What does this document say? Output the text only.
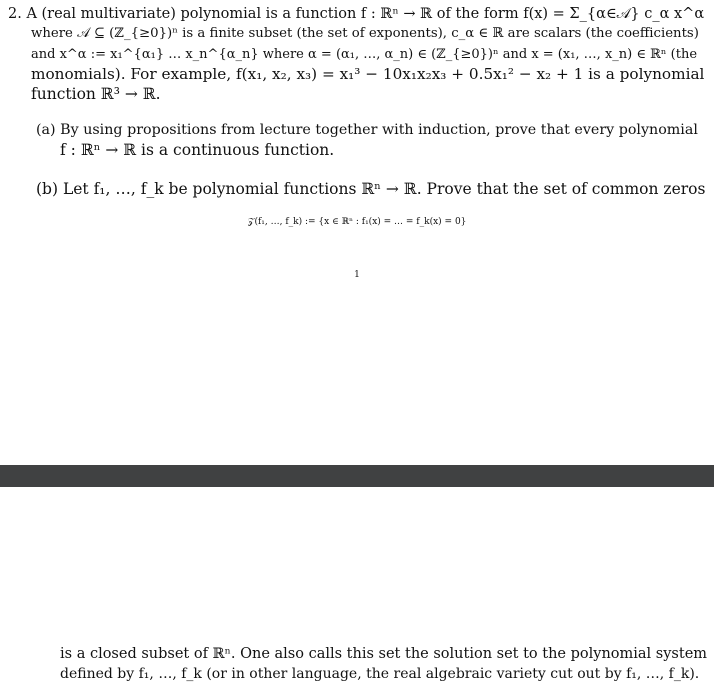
2. A (real multivariate) polynomial is a function f : ℝⁿ → ℝ of the form f(x) = Σ_{α∈𝒜} c_α x^α
where 𝒜 ⊆ (ℤ_{≥0})ⁿ is a finite subset (the set of exponents), c_α ∈ ℝ are scalars (the coefficients)
and x^α := x₁^{α₁} … x_n^{α_n} where α = (α₁, …, α_n) ∈ (ℤ_{≥0})ⁿ and x = (x₁, …, x_n) ∈ ℝⁿ (the
monomials). For example, f(x₁, x₂, x₃) = x₁³ − 10x₁x₂x₃ + 0.5x₁² − x₂ + 1 is a polynomial
function ℝ³ → ℝ.
(a) By using propositions from lecture together with induction, prove that every polynomial
f : ℝⁿ → ℝ is a continuous function.
(b) Let f₁, …, f_k be polynomial functions ℝⁿ → ℝ. Prove that the set of common zeros
𝒵(f₁, …, f_k) := {x ∈ ℝⁿ : f₁(x) = … = f_k(x) = 0}
1
is a closed subset of ℝⁿ. One also calls this set the solution set to the polynomial system
defined by f₁, …, f_k (or in other language, the real algebraic variety cut out by f₁, …, f_k).
